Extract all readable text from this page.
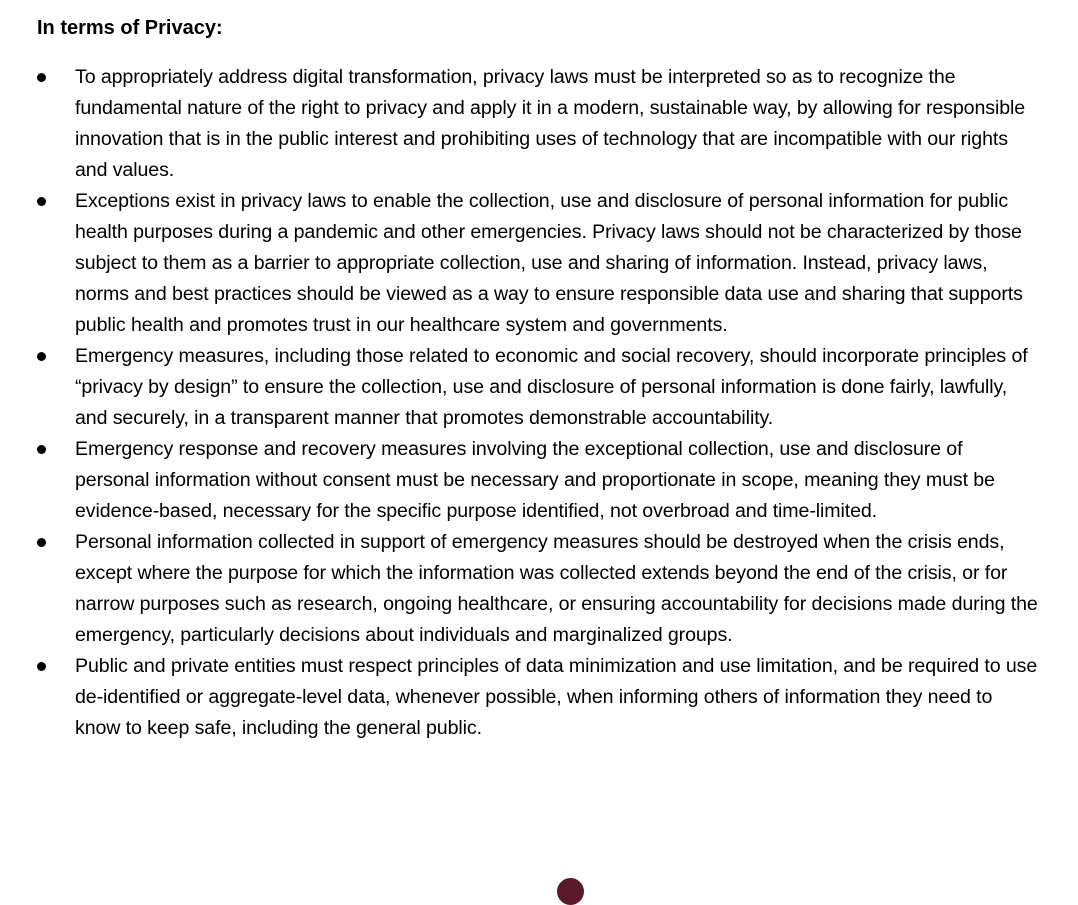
In terms of Privacy:
To appropriately address digital transformation, privacy laws must be interpreted so as to recognize the fundamental nature of the right to privacy and apply it in a modern, sustainable way, by allowing for responsible innovation that is in the public interest and prohibiting uses of technology that are incompatible with our rights and values.
Exceptions exist in privacy laws to enable the collection, use and disclosure of personal information for public health purposes during a pandemic and other emergencies. Privacy laws should not be characterized by those subject to them as a barrier to appropriate collection, use and sharing of information. Instead, privacy laws, norms and best practices should be viewed as a way to ensure responsible data use and sharing that supports public health and promotes trust in our healthcare system and governments.
Emergency measures, including those related to economic and social recovery, should incorporate principles of “privacy by design” to ensure the collection, use and disclosure of personal information is done fairly, lawfully, and securely, in a transparent manner that promotes demonstrable accountability.
Emergency response and recovery measures involving the exceptional collection, use and disclosure of personal information without consent must be necessary and proportionate in scope, meaning they must be evidence-based, necessary for the specific purpose identified, not overbroad and time-limited.
Personal information collected in support of emergency measures should be destroyed when the crisis ends, except where the purpose for which the information was collected extends beyond the end of the crisis, or for narrow purposes such as research, ongoing healthcare, or ensuring accountability for decisions made during the emergency, particularly decisions about individuals and marginalized groups.
Public and private entities must respect principles of data minimization and use limitation, and be required to use de-identified or aggregate-level data, whenever possible, when informing others of information they need to know to keep safe, including the general public.
